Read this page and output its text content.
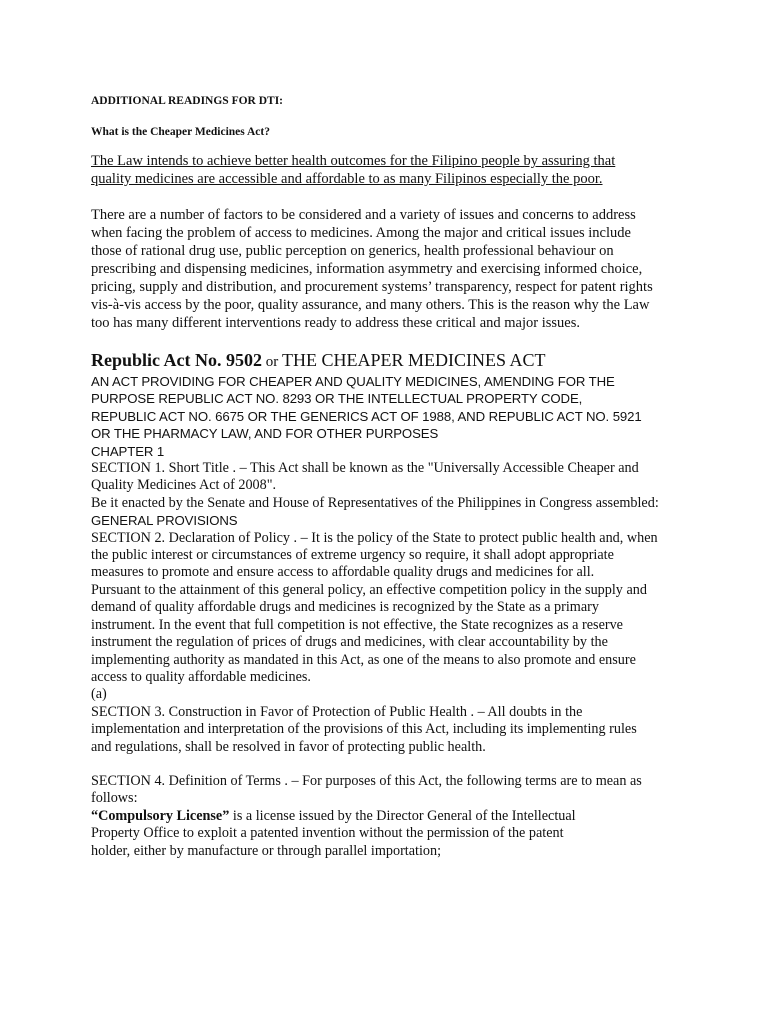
ADDITIONAL READINGS FOR DTI:

What is the Cheaper Medicines Act?

The Law intends to achieve better health outcomes for the Filipino people by assuring that
quality medicines are accessible and affordable to as many Filipinos especially the poor.

There are a number of factors to be considered and a variety of issues and concerns to address
when facing the problem of access to medicines. Among the major and critical issues include
those of rational drug use, public perception on generics, health professional behaviour on
prescribing and dispensing medicines, information asymmetry and exercising informed choice,
pricing, supply and distribution, and procurement systems’ transparency, respect for patent rights
vis-à-vis access by the poor, quality assurance, and many others. This is the reason why the Law
too has many different interventions ready to address these critical and major issues.

Republic Act No. 9502 or THE CHEAPER MEDICINES ACT

AN ACT PROVIDING FOR CHEAPER AND QUALITY MEDICINES, AMENDING FOR THE
PURPOSE REPUBLIC ACT NO. 8293 OR THE INTELLECTUAL PROPERTY CODE,
REPUBLIC ACT NO. 6675 OR THE GENERICS ACT OF 1988, AND REPUBLIC ACT NO. 5921
OR THE PHARMACY LAW, AND FOR OTHER PURPOSES

CHAPTER 1

SECTION 1. Short Title . – This Act shall be known as the "Universally Accessible Cheaper and
Quality Medicines Act of 2008".

Be it enacted by the Senate and House of Representatives of the Philippines in Congress assembled:

GENERAL PROVISIONS

SECTION 2. Declaration of Policy . – It is the policy of the State to protect public health and, when
the public interest or circumstances of extreme urgency so require, it shall adopt appropriate
measures to promote and ensure access to affordable quality drugs and medicines for all.

Pursuant to the attainment of this general policy, an effective competition policy in the supply and
demand of quality affordable drugs and medicines is recognized by the State as a primary
instrument. In the event that full competition is not effective, the State recognizes as a reserve
instrument the regulation of prices of drugs and medicines, with clear accountability by the
implementing authority as mandated in this Act, as one of the means to also promote and ensure
access to quality affordable medicines.

(a)

SECTION 3. Construction in Favor of Protection of Public Health . – All doubts in the
implementation and interpretation of the provisions of this Act, including its implementing rules
and regulations, shall be resolved in favor of protecting public health.

SECTION 4. Definition of Terms . – For purposes of this Act, the following terms are to mean as
follows:

“Compulsory License” is a license issued by the Director General of the Intellectual

Property Office to exploit a patented invention without the permission of the patent
holder, either by manufacture or through parallel importation;
